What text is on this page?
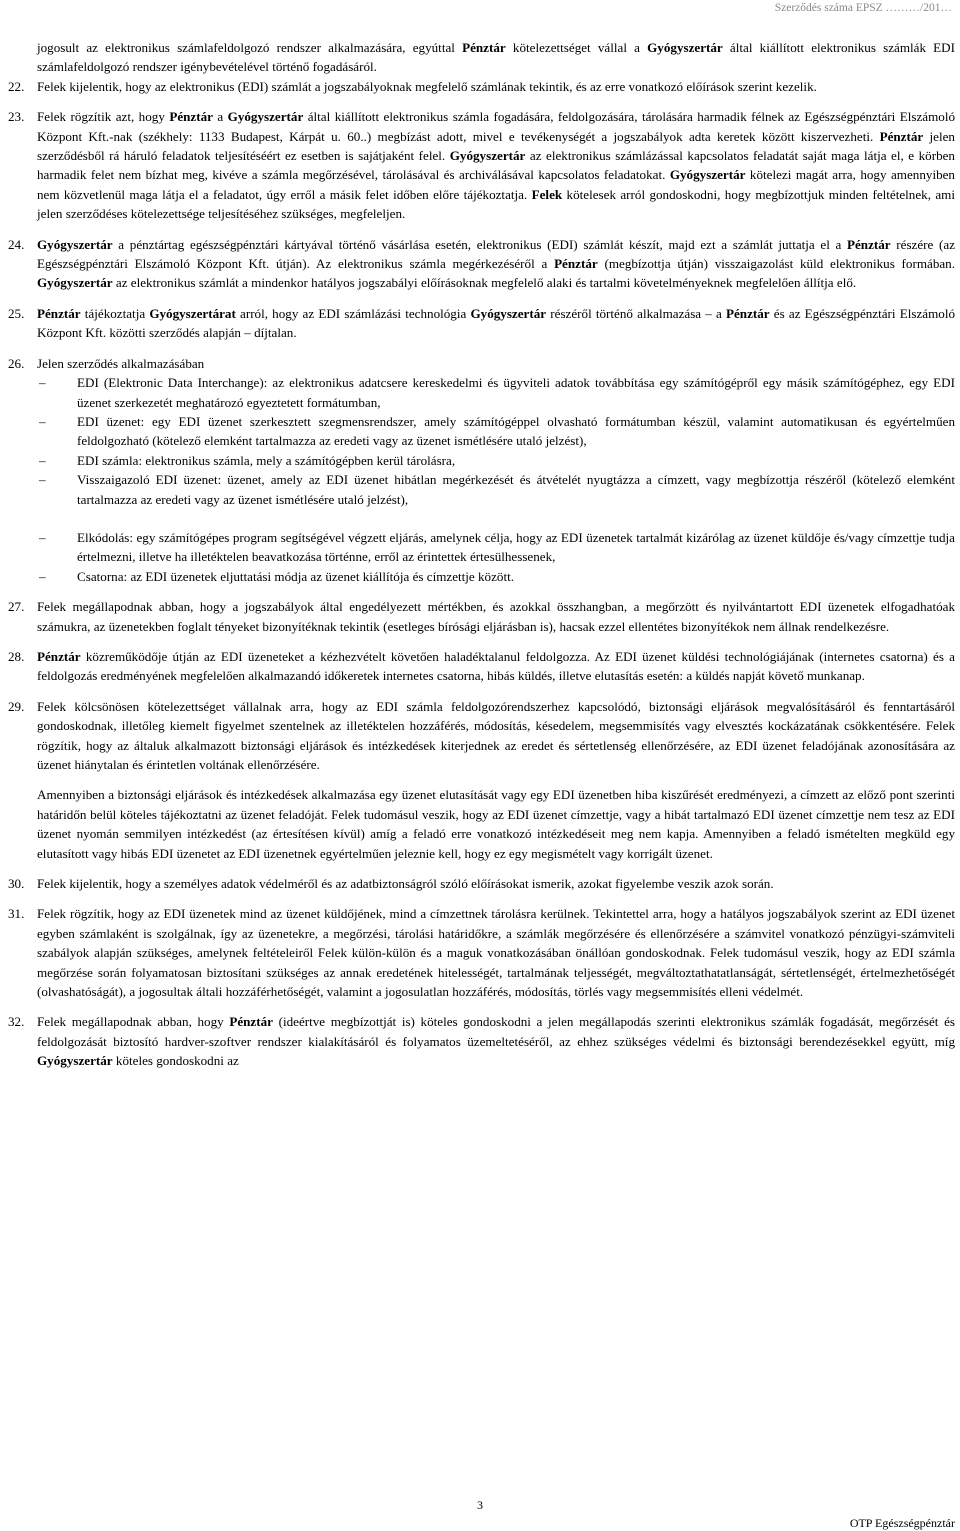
Szerződés száma EPSZ ………/201…

jogosult az elektronikus számlafeldolgozó rendszer alkalmazására, egyúttal Pénztár kötelezettséget vállal a Gyógyszertár által kiállított elektronikus számlák EDI számlafeldolgozó rendszer igénybevételével történő fogadásáról.

22. Felek kijelentik, hogy az elektronikus (EDI) számlát a jogszabályoknak megfelelő számlának tekintik, és az erre vonatkozó előírások szerint kezelik.

23. Felek rögzítik azt, hogy Pénztár a Gyógyszertár által kiállított elektronikus számla fogadására, feldolgozására, tárolására harmadik félnek az Egészségpénztári Elszámoló Központ Kft.-nak (székhely: 1133 Budapest, Kárpát u. 60..) megbízást adott, mivel e tevékenységét a jogszabályok adta keretek között kiszervezheti. Pénztár jelen szerződésből rá háruló feladatok teljesítéséért ez esetben is sajátjaként felel. Gyógyszertár az elektronikus számlázással kapcsolatos feladatát saját maga látja el, e körben harmadik felet nem bízhat meg, kivéve a számla megőrzésével, tárolásával és archiválásával kapcsolatos feladatokat. Gyógyszertár kötelezi magát arra, hogy amennyiben nem közvetlenül maga látja el a feladatot, úgy erről a másik felet időben előre tájékoztatja. Felek kötelesek arról gondoskodni, hogy megbízottjuk minden feltételnek, ami jelen szerződéses kötelezettsége teljesítéséhez szükséges, megfeleljen.

24. Gyógyszertár a pénztártag egészségpénztári kártyával történő vásárlása esetén, elektronikus (EDI) számlát készít, majd ezt a számlát juttatja el a Pénztár részére (az Egészségpénztári Elszámoló Központ Kft. útján). Az elektronikus számla megérkezéséről a Pénztár (megbízottja útján) visszaigazolást küld elektronikus formában. Gyógyszertár az elektronikus számlát a mindenkor hatályos jogszabályi előírásoknak megfelelő alaki és tartalmi követelményeknek megfelelően állítja elő.

25. Pénztár tájékoztatja Gyógyszertárat arról, hogy az EDI számlázási technológia Gyógyszertár részéről történő alkalmazása – a Pénztár és az Egészségpénztári Elszámoló Központ Kft. közötti szerződés alapján – díjtalan.

26. Jelen szerződés alkalmazásában

– EDI (Elektronic Data Interchange): az elektronikus adatcsere kereskedelmi és ügyviteli adatok továbbítása egy számítógépről egy másik számítógéphez, egy EDI üzenet szerkezetét meghatározó egyeztetett formátumban,
– EDI üzenet: egy EDI üzenet szerkesztett szegmensrendszer, amely számítógéppel olvasható formátumban készül, valamint automatikusan és egyértelműen feldolgozható (kötelező elemként tartalmazza az eredeti vagy az üzenet ismétlésére utaló jelzést),
– EDI számla: elektronikus számla, mely a számítógépben kerül tárolásra,
– Visszaigazoló EDI üzenet: üzenet, amely az EDI üzenet hibátlan megérkezését és átvételét nyugtázza a címzett, vagy megbízottja részéről (kötelező elemként tartalmazza az eredeti vagy az üzenet ismétlésére utaló jelzést),
– Elkódolás: egy számítógépes program segítségével végzett eljárás, amelynek célja, hogy az EDI üzenetek tartalmát kizárólag az üzenet küldője és/vagy címzettje tudja értelmezni, illetve ha illetéktelen beavatkozása történne, erről az érintettek értesülhessenek,
– Csatorna: az EDI üzenetek eljuttatási módja az üzenet kiállítója és címzettje között.
27. Felek megállapodnak abban, hogy a jogszabályok által engedélyezett mértékben, és azokkal összhangban, a megőrzött és nyilvántartott EDI üzenetek elfogadhatóak számukra, az üzenetekben foglalt tényeket bizonyítéknak tekintik (esetleges bírósági eljárásban is), hacsak ezzel ellentétes bizonyítékok nem állnak rendelkezésre.

28. Pénztár közreműködője útján az EDI üzeneteket a kézhezvételt követően haladéktalanul feldolgozza. Az EDI üzenet küldési technológiájának (internetes csatorna) és a feldolgozás eredményének megfelelően alkalmazandó időkeretek internetes csatorna, hibás küldés, illetve elutasítás esetén: a küldés napját követő munkanap.

29. Felek kölcsönösen kötelezettséget vállalnak arra, hogy az EDI számla feldolgozórendszerhez kapcsolódó, biztonsági eljárások megvalósításáról és fenntartásáról gondoskodnak, illetőleg kiemelt figyelmet szentelnek az illetéktelen hozzáférés, módosítás, késedelem, megsemmisítés vagy elvesztés kockázatának csökkentésére. Felek rögzítik, hogy az általuk alkalmazott biztonsági eljárások és intézkedések kiterjednek az eredet és sértetlenség ellenőrzésére, az EDI üzenet feladójának azonosítására az üzenet hiánytalan és érintetlen voltának ellenőrzésére.

Amennyiben a biztonsági eljárások és intézkedések alkalmazása egy üzenet elutasítását vagy egy EDI üzenetben hiba kiszűrését eredményezi, a címzett az előző pont szerinti határidőn belül köteles tájékoztatni az üzenet feladóját. Felek tudomásul veszik, hogy az EDI üzenet címzettje, vagy a hibát tartalmazó EDI üzenet címzettje nem tesz az EDI üzenet nyomán semmilyen intézkedést (az értesítésen kívül) amíg a feladó erre vonatkozó intézkedéseit meg nem kapja. Amennyiben a feladó ismételten megküld egy elutasított vagy hibás EDI üzenetet az EDI üzenetnek egyértelműen jeleznie kell, hogy ez egy megismételt vagy korrigált üzenet.

30. Felek kijelentik, hogy a személyes adatok védelméről és az adatbiztonságról szóló előírásokat ismerik, azokat figyelembe veszik azok során.

31. Felek rögzítik, hogy az EDI üzenetek mind az üzenet küldőjének, mind a címzettnek tárolásra kerülnek. Tekintettel arra, hogy a hatályos jogszabályok szerint az EDI üzenet egyben számlaként is szolgálnak, így az üzenetekre, a megőrzési, tárolási határidőkre, a számlák megőrzésére és ellenőrzésére a számvitel vonatkozó pénzügyi-számviteli szabályok alapján szükséges, amelynek feltételeiről Felek külön-külön és a maguk vonatkozásában önállóan gondoskodnak. Felek tudomásul veszik, hogy az EDI számla megőrzése során folyamatosan biztosítani szükséges az annak eredetének hitelességét, tartalmának teljességét, megváltoztathatatlanságát, sértetlenségét, értelmezhetőségét (olvashatóságát), a jogosultak általi hozzáférhetőségét, valamint a jogosulatlan hozzáférés, módosítás, törlés vagy megsemmisítés elleni védelmét.

32. Felek megállapodnak abban, hogy Pénztár (ideértve megbízottját is) köteles gondoskodni a jelen megállapodás szerinti elektronikus számlák fogadását, megőrzését és feldolgozását biztosító hardver-szoftver rendszer kialakításáról és folyamatos üzemeltetéséről, az ehhez szükséges védelmi és biztonsági berendezésekkel együtt, míg Gyógyszertár köteles gondoskodni az

3
OTP Egészségpénztár
